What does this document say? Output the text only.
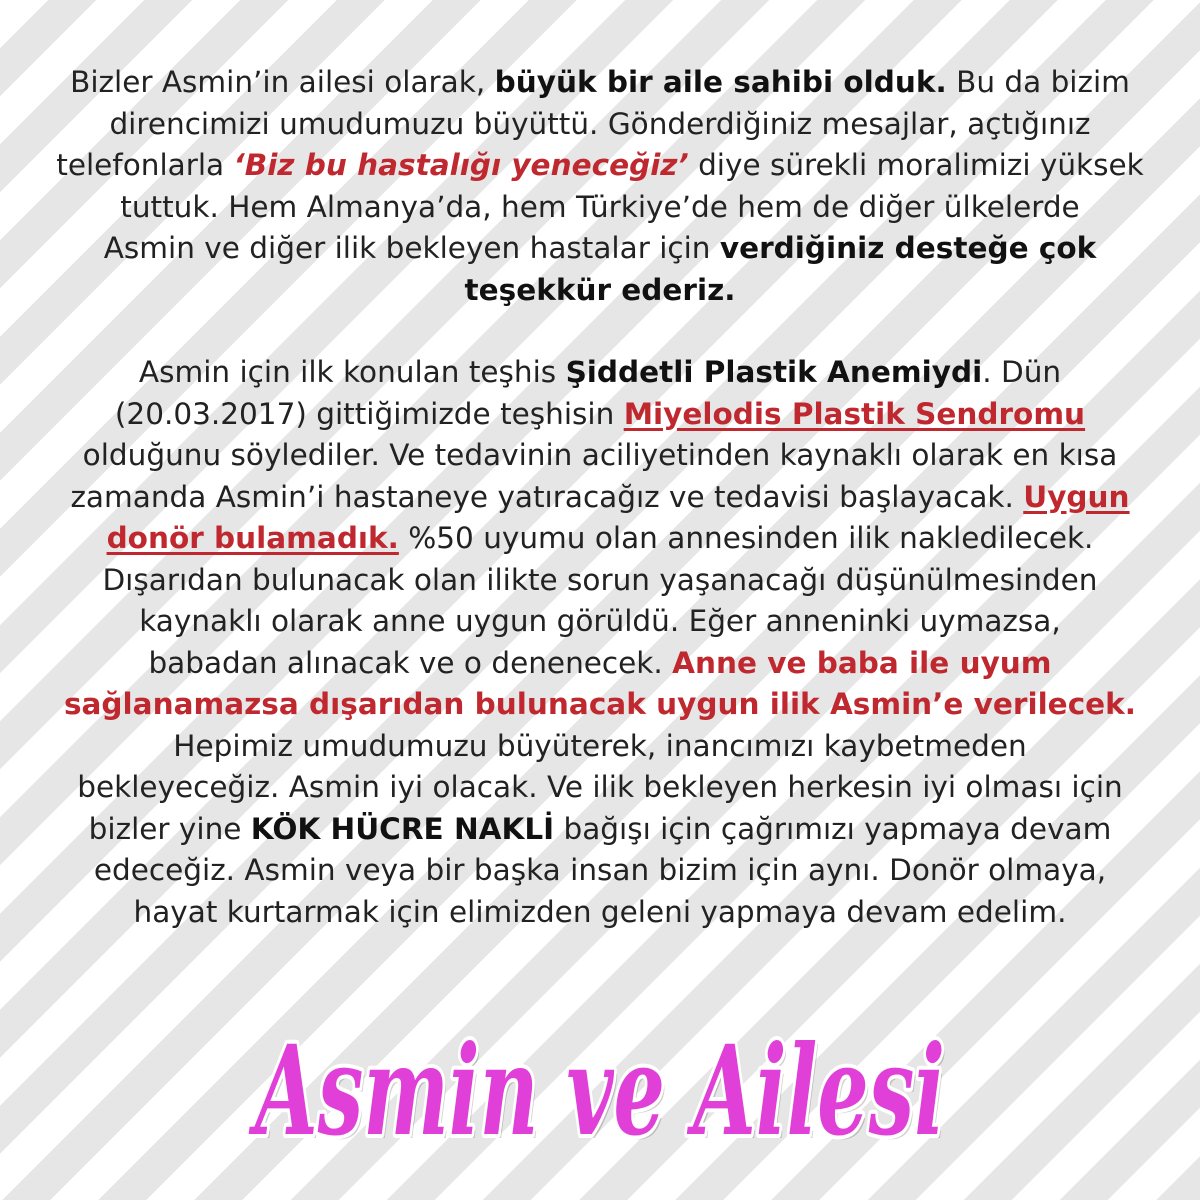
Bizler Asmin’in ailesi olarak, büyük bir aile sahibi olduk. Bu da bizim
direncimizi umudumuzu büyüttü. Gönderdiğiniz mesajlar, açtığınız
telefonlarla ‘Biz bu hastalığı yeneceğiz’ diye sürekli moralimizi yüksek
tuttuk. Hem Almanya’da, hem Türkiye’de hem de diğer ülkelerde
Asmin ve diğer ilik bekleyen hastalar için verdiğiniz desteğe çok
teşekkür ederiz.

Asmin için ilk konulan teşhis Şiddetli Plastik Anemiydi. Dün
(20.03.2017) gittiğimizde teşhisin Miyelodis Plastik Sendromu
olduğunu söylediler. Ve tedavinin aciliyetinden kaynaklı olarak en kısa
zamanda Asmin’i hastaneye yatıracağız ve tedavisi başlayacak. Uygun
donör bulamadık. %50 uyumu olan annesinden ilik nakledilecek.
Dışarıdan bulunacak olan ilikte sorun yaşanacağı düşünülmesinden
kaynaklı olarak anne uygun görüldü. Eğer anneninki uymazsa,
babadan alınacak ve o denenecek. Anne ve baba ile uyum
sağlanamazsa dışarıdan bulunacak uygun ilik Asmin’e verilecek.
Hepimiz umudumuzu büyüterek, inancımızı kaybetmeden
bekleyeceğiz. Asmin iyi olacak. Ve ilik bekleyen herkesin iyi olması için
bizler yine KÖK HÜCRE NAKLİ bağışı için çağrımızı yapmaya devam
edeceğiz. Asmin veya bir başka insan bizim için aynı. Donör olmaya,
hayat kurtarmak için elimizden geleni yapmaya devam edelim.

Asmin ve Ailesi
Asmin ve Ailesi
